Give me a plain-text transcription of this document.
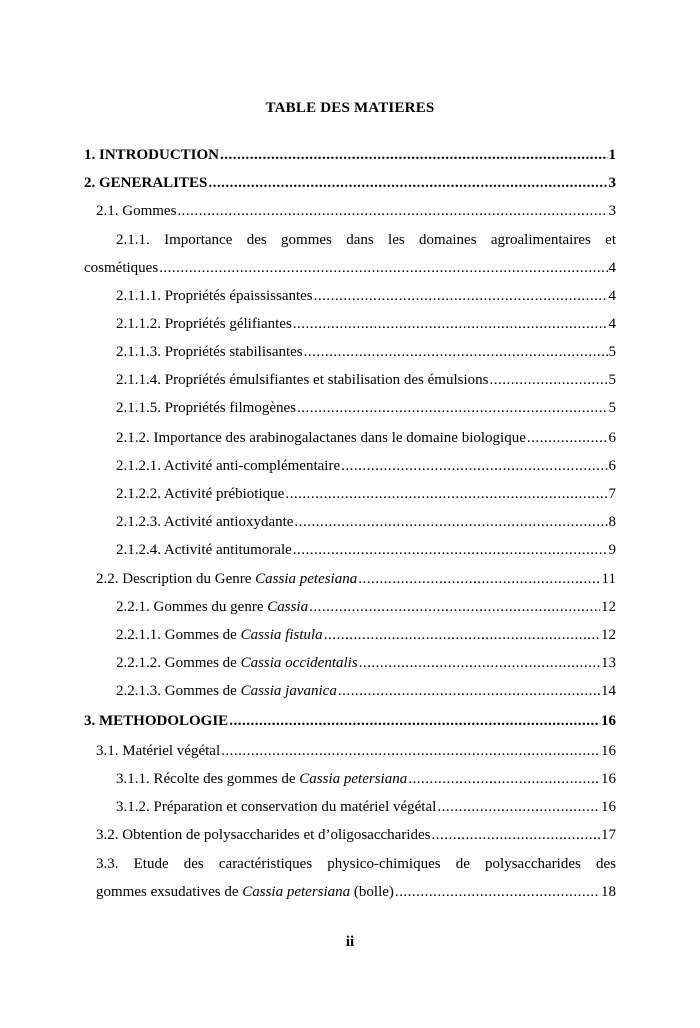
TABLE DES MATIERES
1. INTRODUCTION .....	1
2. GENERALITES .....	3
2.1. Gommes .....	3
2.1.1. Importance des gommes dans les domaines agroalimentaires et
cosmétiques .....	4
2.1.1.1. Propriétés épaississantes .....	4
2.1.1.2. Propriétés gélifiantes .....	4
2.1.1.3. Propriétés stabilisantes .....	5
2.1.1.4. Propriétés émulsifiantes et stabilisation des émulsions .....	5
2.1.1.5. Propriétés filmogènes .....	5
2.1.2. Importance des arabinogalactanes dans le domaine biologique .....	6
2.1.2.1. Activité anti-complémentaire .....	6
2.1.2.2. Activité prébiotique .....	7
2.1.2.3. Activité antioxydante .....	8
2.1.2.4. Activité antitumorale .....	9
2.2. Description du Genre Cassia petesiana .....	11
2.2.1. Gommes du genre Cassia .....	12
2.2.1.1. Gommes de Cassia fistula .....	12
2.2.1.2. Gommes de Cassia occidentalis .....	13
2.2.1.3. Gommes de Cassia javanica .....	14
3. METHODOLOGIE .....	16
3.1. Matériel végétal .....	16
3.1.1. Récolte des gommes de Cassia petersiana .....	16
3.1.2. Préparation et conservation du matériel végétal .....	16
3.2. Obtention de polysaccharides et d’oligosaccharides .....	17
3.3. Etude des caractéristiques physico-chimiques de polysaccharides des
gommes exsudatives de Cassia petersiana (bolle) .....	18
ii
